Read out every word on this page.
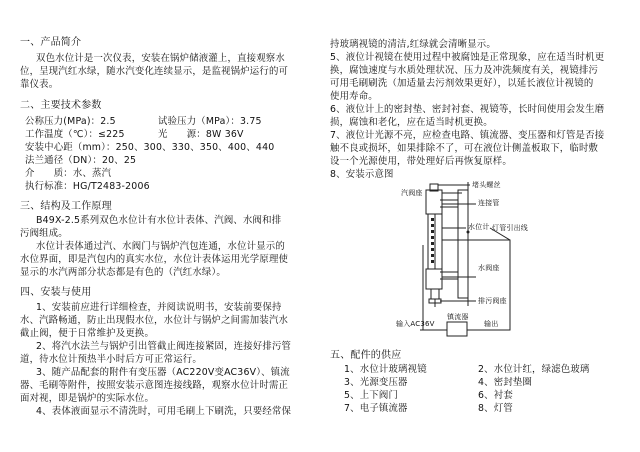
一、产品简介
双色水位计是一次仪表，安装在锅炉储液灌上，直接观察水
位，呈现汽红水绿，随水汽变化连续显示，是监视锅炉运行的可
靠仪表。
二、主要技术参数
公称压力(MPa)：2.5	试验压力（MPa）：3.75
工作温度（℃）：≤225	光　　源：8W 36V
安装中心距（mm）：250、300、330、350、400、440
法兰通径（DN）：20、25
介　　质：水、蒸汽
执行标准：HG/T2483-2006
三、结构及工作原理
B49X-2.5系列双色水位计有水位计表体、汽阀、水阀和排
污阀组成。
水位计表体通过汽、水阀门与锅炉汽包连通，水位计显示的
水位界面，即是汽包内的真实水位，水位计表体运用光学原理使
显示的水汽两部分状态都是有色的（汽红水绿）。
四、安装与使用
1、安装前应进行详细检查，并阅读说明书，安装前要保持
水、汽路畅通，防止出现假水位，水位计与锅炉之间需加装汽水
截止阀，便于日常维护及更换。
2、将汽水法兰与锅炉引出管截止阀连接紧固，连接好排污管
道，待水位计预热半小时后方可正常运行。
3、随产品配套的附件有变压器（AC220V变AC36V）、镇流
器、毛刷等附件，按照安装示意图连接线路，观察水位计时需正
面对视，即是锅炉的实际水位。
4、表体液面显示不清洗时，可用毛刷上下刷洗，只要经常保
持玻璃视镜的清洁,红绿就会清晰显示。
5、液位计视镜在使用过程中被腐蚀是正常现象，应在适当时机更
换，腐蚀速度与水质处理状况、压力及冲洗频度有关，视镜排污
可用毛刷刷洗（加适量去污剂效果更好），以延长液位计视镜的
使用寿命。
6、液位计上的密封垫、密封衬套、视镜等，长时间使用会发生磨
损，腐蚀和老化，应在适当时机更换。
7、液位计光源不亮，应检查电路、镇流器、变压器和灯管是否接
触不良或损坏，如果排除不了，可在液位计侧盖板取下，临时敷
设一个光源使用，带处理好后再恢复原样。
8、安装示意图
堵头螺丝
汽阀座
连接管
水位计 灯管引出线
水阀座
排污阀座
输入AC36V
镇流器
输出
五、配件的供应
1、水位计玻璃视镜	2、水位计红，绿滤色玻璃
3、光源变压器	4、密封垫圈
5、上下阀门	6、衬套
7、电子镇流器	8、灯管
